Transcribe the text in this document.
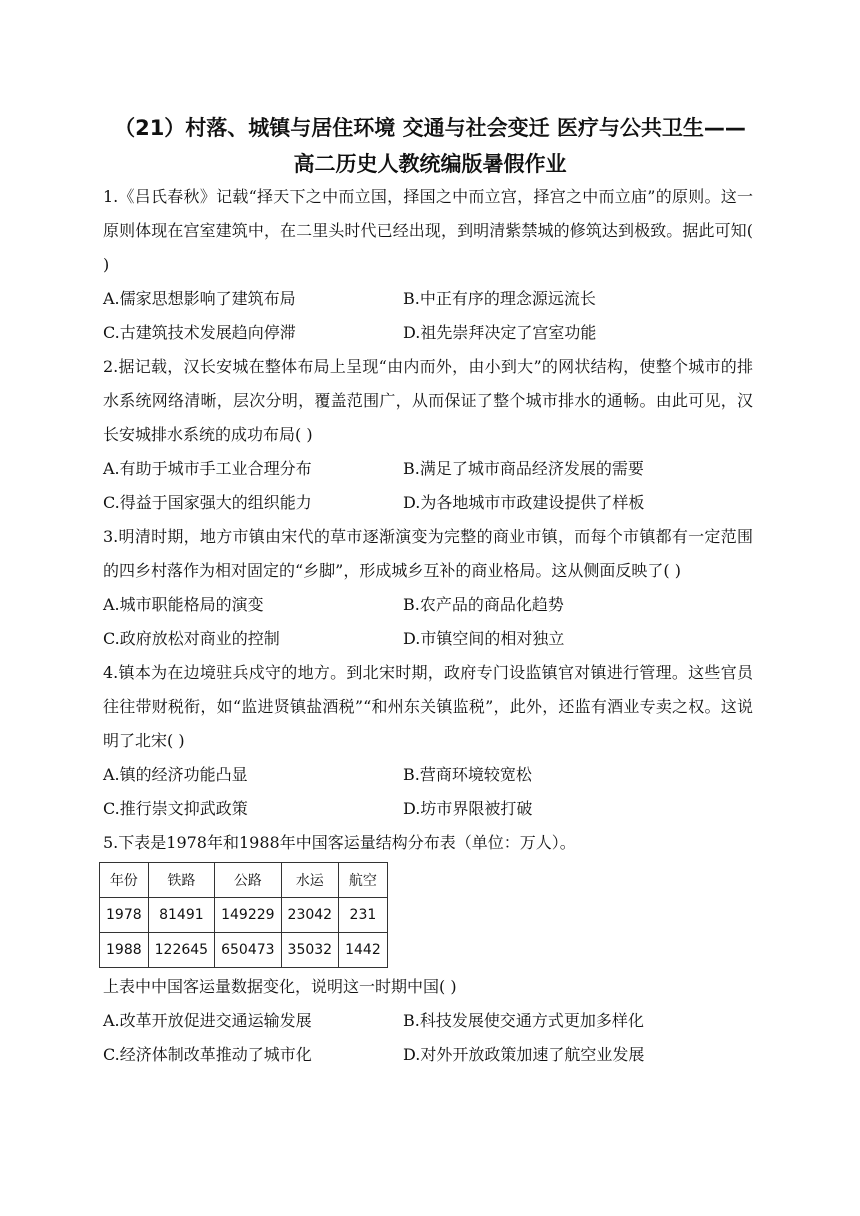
（21）村落、城镇与居住环境 交通与社会变迁 医疗与公共卫生——
高二历史人教统编版暑假作业

1.《吕氏春秋》记载“择天下之中而立国，择国之中而立宫，择宫之中而立庙”的原则。这一原则体现在宫室建筑中，在二里头时代已经出现，到明清紫禁城的修筑达到极致。据此可知( )

A.儒家思想影响了建筑布局	B.中正有序的理念源远流长
C.古建筑技术发展趋向停滞	D.祖先崇拜决定了宫室功能

2.据记载，汉长安城在整体布局上呈现“由内而外，由小到大”的网状结构，使整个城市的排水系统网络清晰，层次分明，覆盖范围广，从而保证了整个城市排水的通畅。由此可见，汉长安城排水系统的成功布局( )

A.有助于城市手工业合理分布	B.满足了城市商品经济发展的需要
C.得益于国家强大的组织能力	D.为各地城市市政建设提供了样板

3.明清时期，地方市镇由宋代的草市逐渐演变为完整的商业市镇，而每个市镇都有一定范围的四乡村落作为相对固定的“乡脚”，形成城乡互补的商业格局。这从侧面反映了( )

A.城市职能格局的演变	B.农产品的商品化趋势
C.政府放松对商业的控制	D.市镇空间的相对独立

4.镇本为在边境驻兵戍守的地方。到北宋时期，政府专门设监镇官对镇进行管理。这些官员往往带财税衔，如“监进贤镇盐酒税”“和州东关镇监税”，此外，还监有酒业专卖之权。这说明了北宋( )

A.镇的经济功能凸显	B.营商环境较宽松
C.推行崇文抑武政策	D.坊市界限被打破

5.下表是1978年和1988年中国客运量结构分布表（单位：万人）。

年份	铁路	公路	水运	航空
1978	81491	149229	23042	231
1988	122645	650473	35032	1442

上表中中国客运量数据变化，说明这一时期中国( )

A.改革开放促进交通运输发展	B.科技发展使交通方式更加多样化
C.经济体制改革推动了城市化	D.对外开放政策加速了航空业发展
